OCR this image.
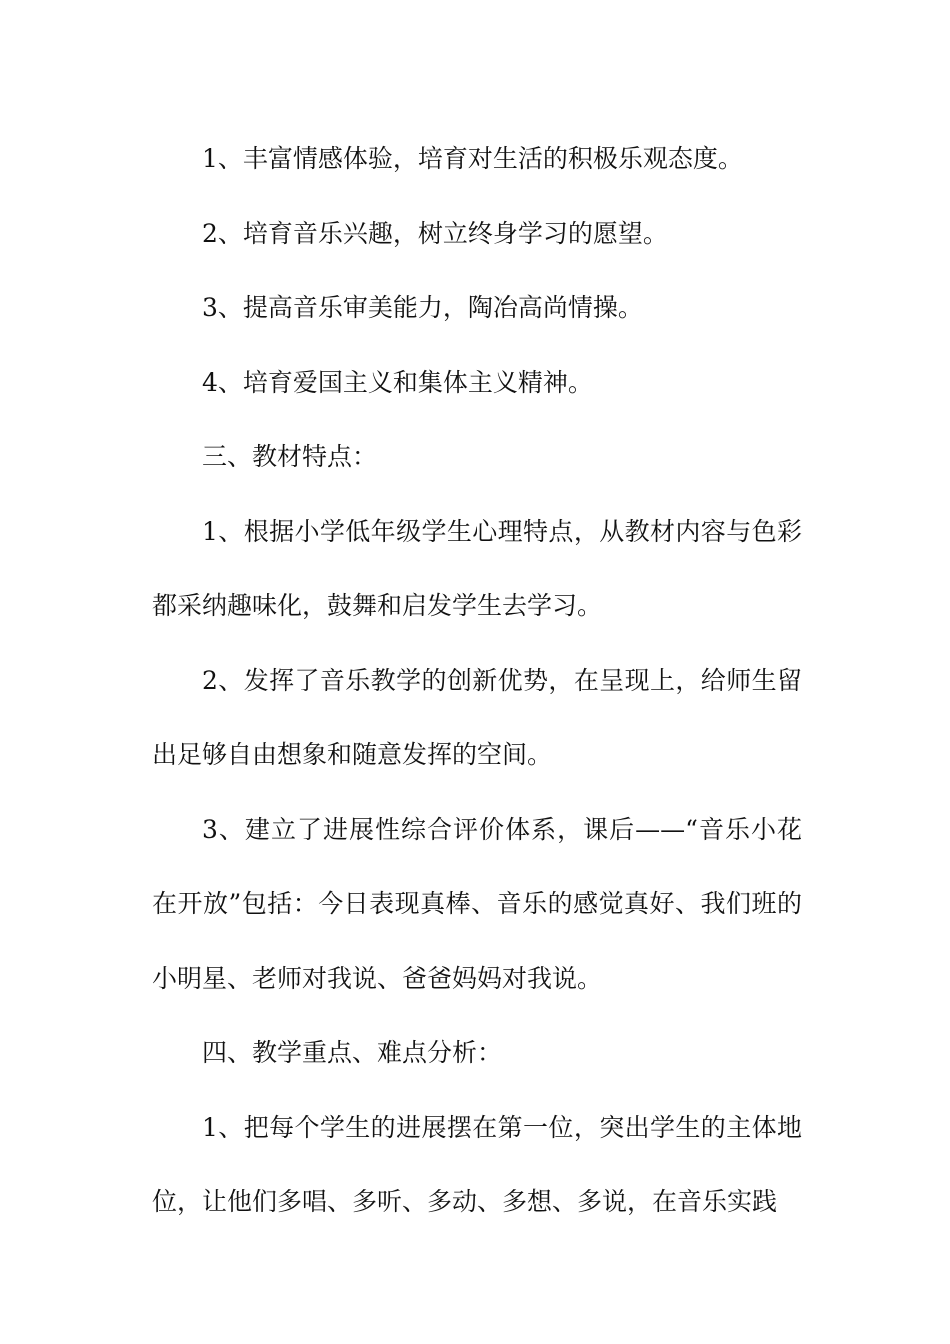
1、丰富情感体验，培育对生活的积极乐观态度。

2、培育音乐兴趣，树立终身学习的愿望。

3、提高音乐审美能力，陶冶高尚情操。

4、培育爱国主义和集体主义精神。

三、教材特点：

1、根据小学低年级学生心理特点，从教材内容与色彩都采纳趣味化，鼓舞和启发学生去学习。

2、发挥了音乐教学的创新优势，在呈现上，给师生留出足够自由想象和随意发挥的空间。

3、建立了进展性综合评价体系，课后——“音乐小花在开放”包括：今日表现真棒、音乐的感觉真好、我们班的小明星、老师对我说、爸爸妈妈对我说。

四、教学重点、难点分析：

1、把每个学生的进展摆在第一位，突出学生的主体地位，让他们多唱、多听、多动、多想、多说，在音乐实践
